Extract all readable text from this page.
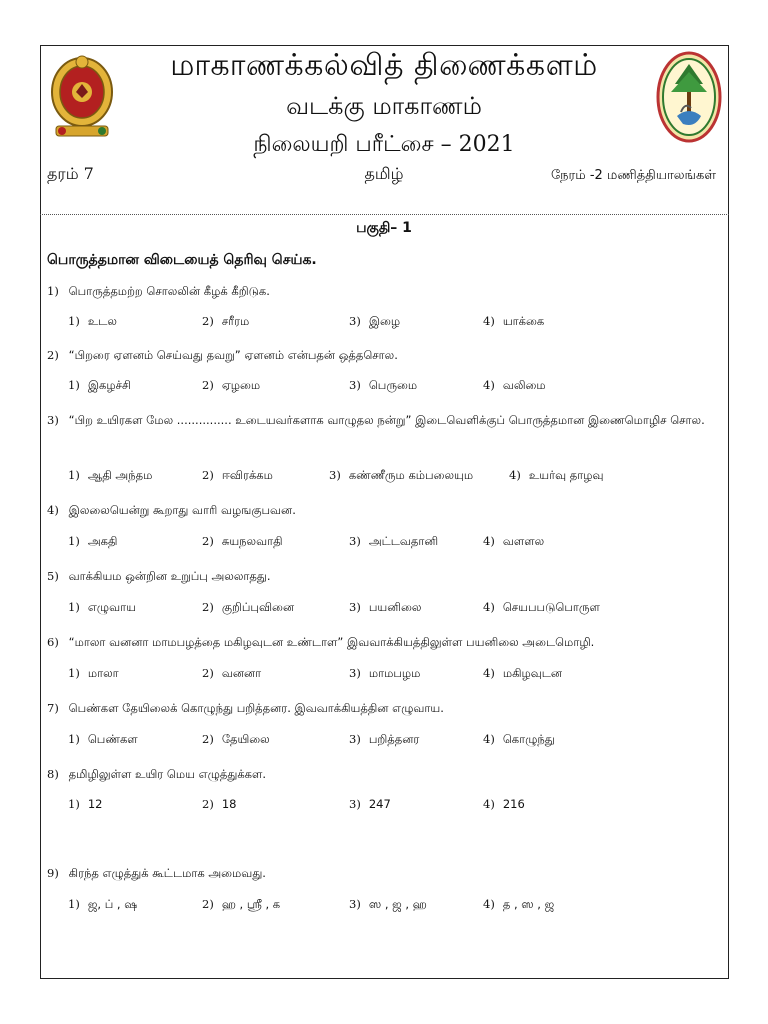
மாகாணக்கல்வித் திணைக்களம்
வடக்கு மாகாணம்
நிலையறி பரீட்சை – 2021
தரம் 7	தமிழ்	நேரம் -2 மணித்தியாலங்கள்
பகுதி– 1
பொருத்தமான விடையைத் தெரிவு செய்க.
1) பொருத்தமற்ற சொலலின் கீழக் கீறிடுக.
1) உடல	2) சரீரம	3) இழை	4) யாக்கை
2) “பிறரை ஏளனம் செய்வது தவறு” ஏளனம் என்பதன் ஒத்தசொல.
1) இகழச்சி	2) ஏழமை	3) பெருமை	4) வலிமை
3) “பிற உயிரகள மேல ............... உடையவர்களாக வாழுதல நன்று” இடைவெளிக்குப் பொருத்தமான இணைமொழிச சொல.
1) ஆதி அந்தம	2) ஈவிரக்கம	3) கண்ணீரும கம்பலையும	4) உயர்வு தாழவு
4) இலலையென்று கூறாது வாரி வழஙகுபவன.
1) அகதி	2) சுயநலவாதி	3) அட்டவதானி	4) வளளல
5) வாக்கியம ஒன்றின உறுப்பு அலலாதது.
1) எழுவாய	2) குறிப்புவினை	3) பயனிலை	4) செயபபடுபொருள
6) “மாலா வனனா மாமபழத்தை மகிழவுடன உண்டாள” இவவாக்கியத்திலுள்ள பயனிலை அடைமொழி.
1) மாலா	2) வனனா	3) மாமபழம	4) மகிழவுடன
7) பெண்கள தேயிலைக் கொழுந்து பறித்தனர. இவவாக்கியத்தின எழுவாய.
1) பெண்கள	2) தேயிலை	3) பறித்தனர	4) கொழுந்து
8) தமிழிலுள்ள உயிர மெய எழுத்துக்கள.
1) 12	2) 18	3) 247	4) 216
9) கிரந்த எழுத்துக் கூட்டமாக அமைவது.
1) ஜ, ப் , ஷ	2) ஹ , ஸ்ரீ , க	3) ஸ , ஜ , ஹ	4) த , ஸ , ஜ
